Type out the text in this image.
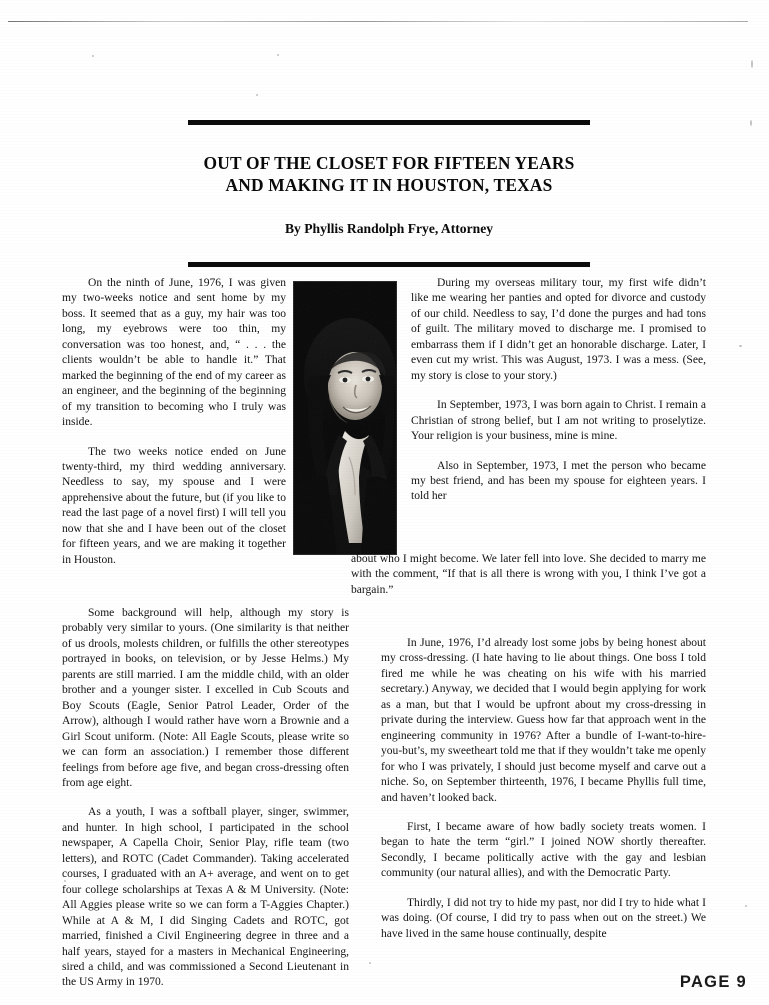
OUT OF THE CLOSET FOR FIFTEEN YEARS
AND MAKING IT IN HOUSTON, TEXAS
By Phyllis Randolph Frye, Attorney

On the ninth of June, 1976, I was given my two-weeks notice and sent home by my boss. It seemed that as a guy, my hair was too long, my eyebrows were too thin, my conversation was too honest, and, “ . . . the clients wouldn’t be able to handle it.” That marked the beginning of the end of my career as an engineer, and the beginning of the beginning of my transition to becoming who I truly was inside.

The two weeks notice ended on June twenty-third, my third wedding anniversary. Needless to say, my spouse and I were apprehensive about the future, but (if you like to read the last page of a novel first) I will tell you now that she and I have been out of the closet for fifteen years, and we are making it together in Houston.

During my overseas military tour, my first wife didn’t like me wearing her panties and opted for divorce and custody of our child. Needless to say, I’d done the purges and had tons of guilt. The military moved to discharge me. I promised to embarrass them if I didn’t get an honorable discharge. Later, I even cut my wrist. This was August, 1973. I was a mess. (See, my story is close to your story.)

In September, 1973, I was born again to Christ. I remain a Christian of strong belief, but I am not writing to proselytize. Your religion is your business, mine is mine.

Also in September, 1973, I met the person who became my best friend, and has been my spouse for eighteen years. I told her

about who I might become. We later fell into love. She decided to marry me with the comment, “If that is all there is wrong with you, I think I’ve got a bargain.”

Some background will help, although my story is probably very similar to yours. (One similarity is that neither of us drools, molests children, or fulfills the other stereotypes portrayed in books, on television, or by Jesse Helms.) My parents are still married. I am the middle child, with an older brother and a younger sister. I excelled in Cub Scouts and Boy Scouts (Eagle, Senior Patrol Leader, Order of the Arrow), although I would rather have worn a Brownie and a Girl Scout uniform. (Note: All Eagle Scouts, please write so we can form an association.) I remember those different feelings from before age five, and began cross-dressing often from age eight.

As a youth, I was a softball player, singer, swimmer, and hunter. In high school, I participated in the school newspaper, A Capella Choir, Senior Play, rifle team (two letters), and ROTC (Cadet Commander). Taking accelerated courses, I graduated with an A+ average, and went on to get four college scholarships at Texas A & M University. (Note: All Aggies please write so we can form a T-Aggies Chapter.) While at A & M, I did Singing Cadets and ROTC, got married, finished a Civil Engineering degree in three and a half years, stayed for a masters in Mechanical Engineering, sired a child, and was commissioned a Second Lieutenant in the US Army in 1970.

In June, 1976, I’d already lost some jobs by being honest about my cross-dressing. (I hate having to lie about things. One boss I told fired me while he was cheating on his wife with his married secretary.) Anyway, we decided that I would begin applying for work as a man, but that I would be upfront about my cross-dressing in private during the interview. Guess how far that approach went in the engineering community in 1976? After a bundle of I-want-to-hire-you-but’s, my sweetheart told me that if they wouldn’t take me openly for who I was privately, I should just become myself and carve out a niche. So, on September thirteenth, 1976, I became Phyllis full time, and haven’t looked back.

First, I became aware of how badly society treats women. I began to hate the term “girl.” I joined NOW shortly thereafter. Secondly, I became politically active with the gay and lesbian community (our natural allies), and with the Democratic Party.

Thirdly, I did not try to hide my past, nor did I try to hide what I was doing. (Of course, I did try to pass when out on the street.) We have lived in the same house continually, despite

PAGE 9
